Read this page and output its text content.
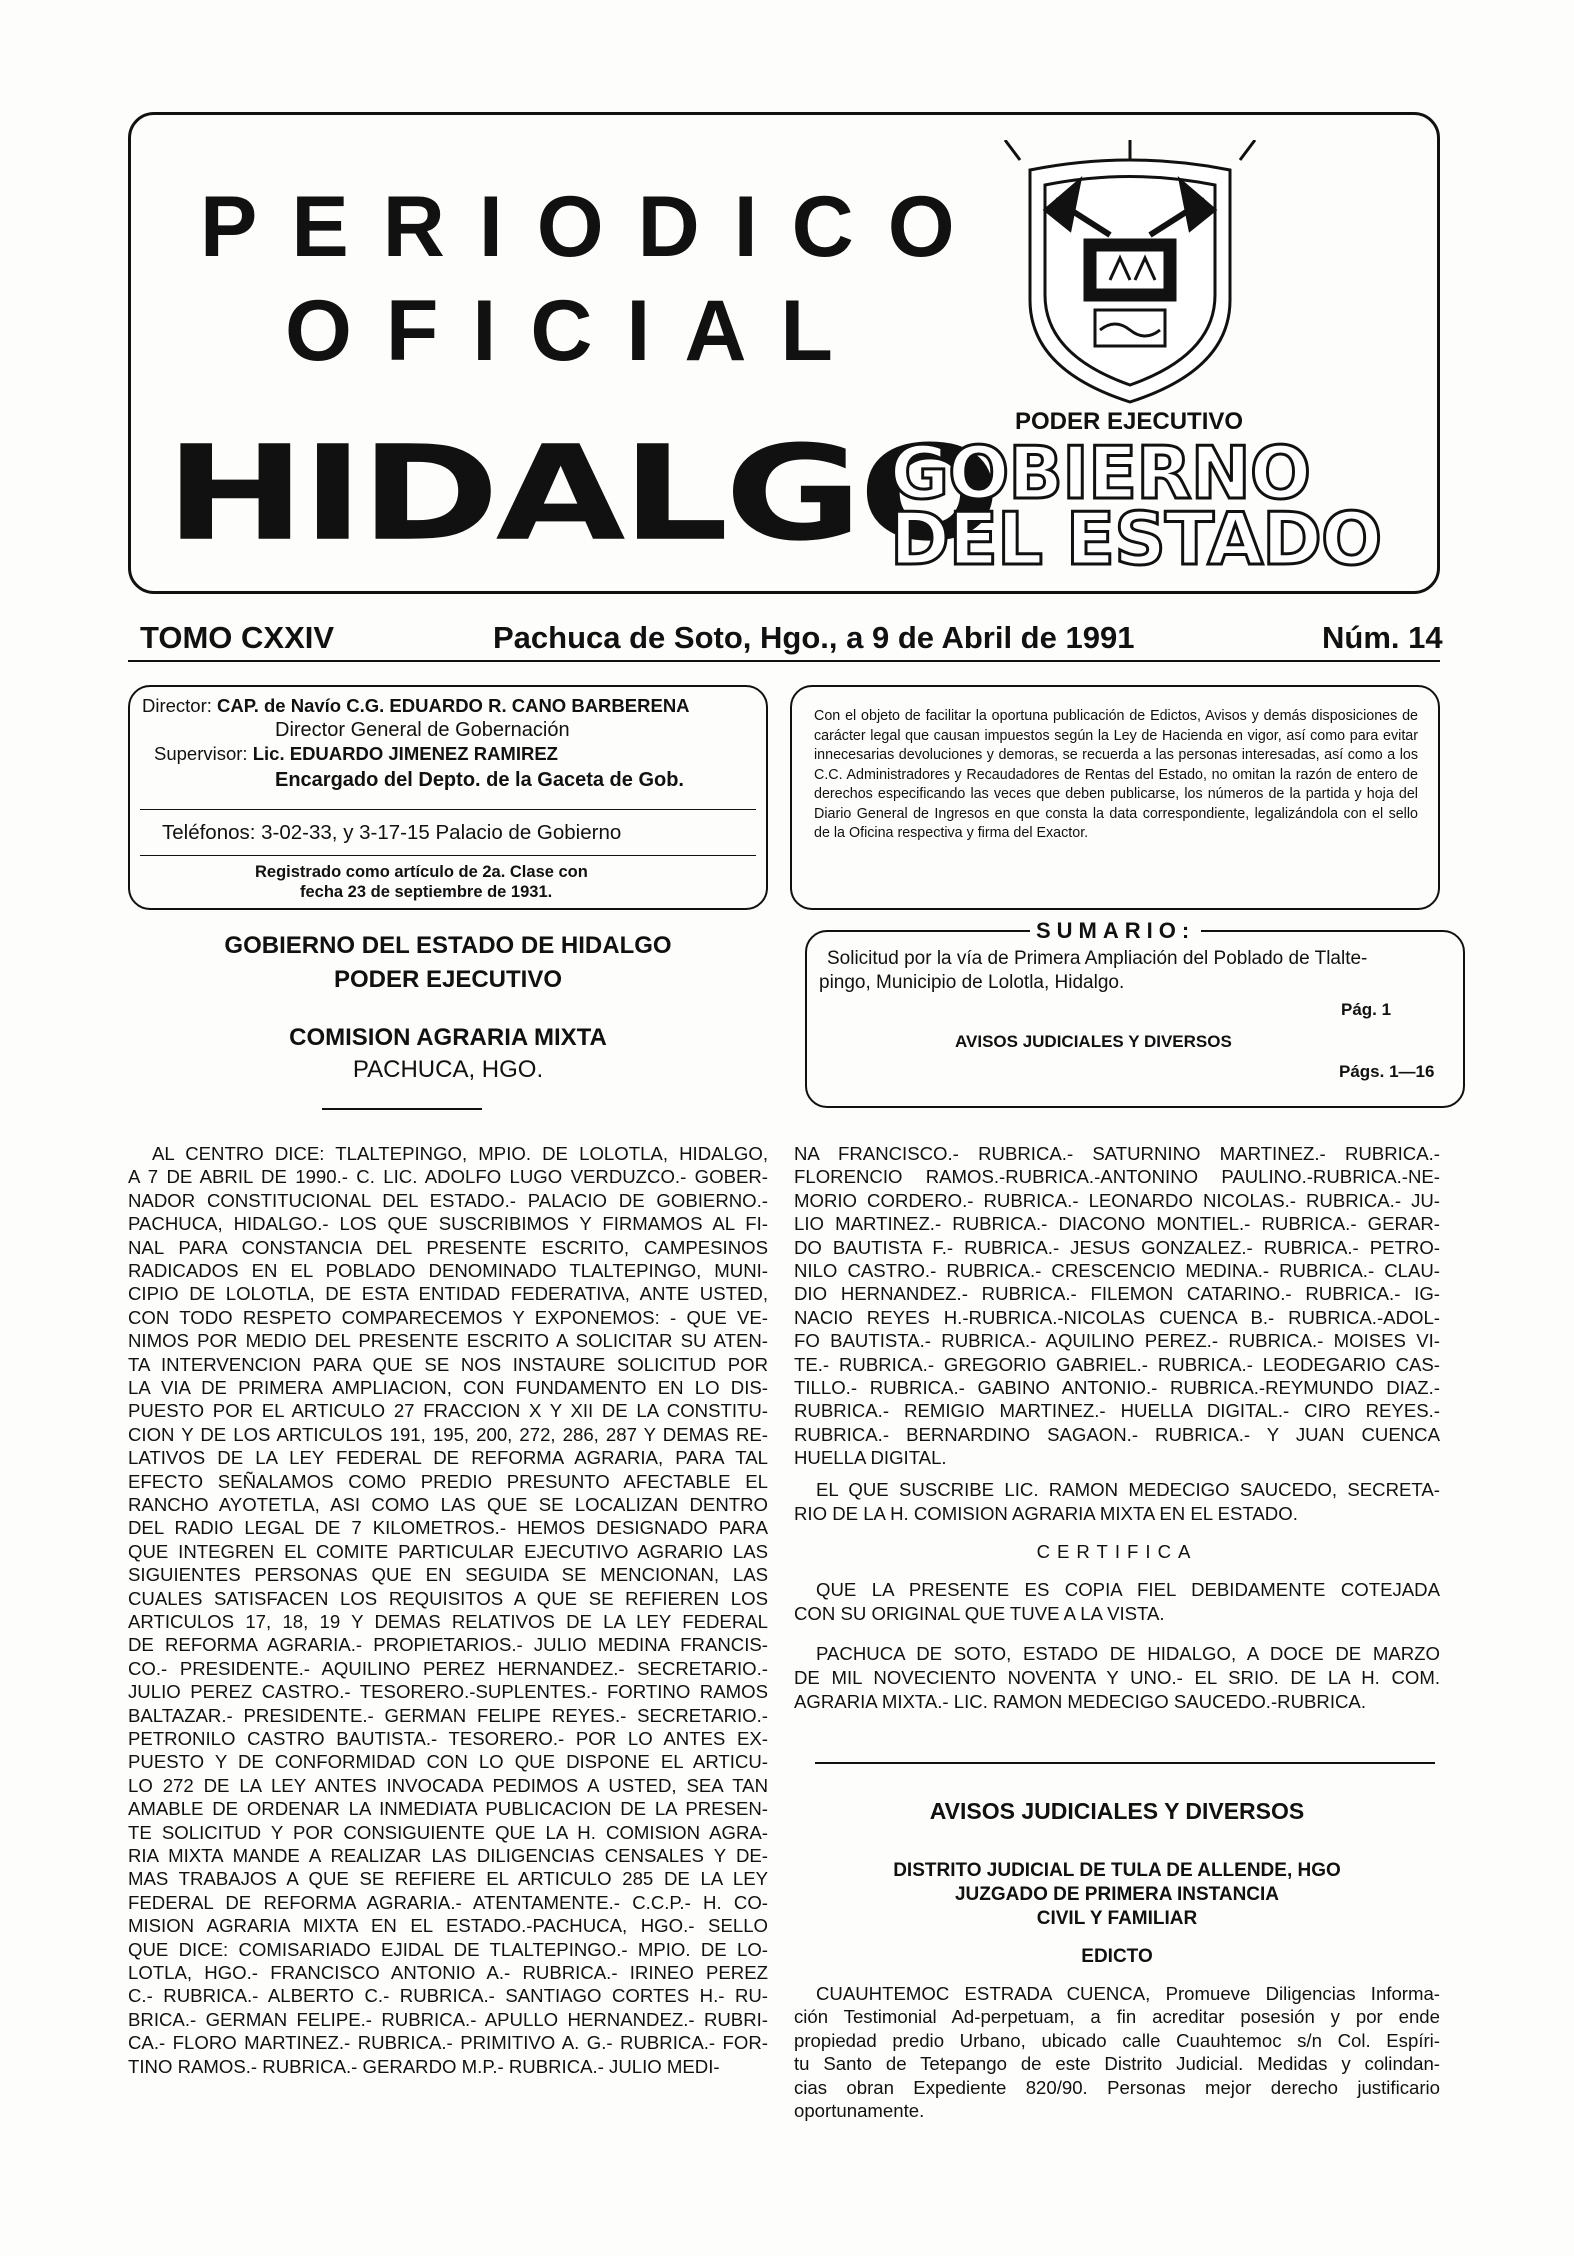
PERIODICO
OFICIAL
PODER EJECUTIVO
HIDALGO
GOBIERNO
DEL ESTADO
TOMO CXXIV	Pachuca de Soto, Hgo., a 9 de Abril de 1991	Núm. 14
Director: CAP. de Navío C.G. EDUARDO R. CANO BARBERENA
Director General de Gobernación
Supervisor: Lic. EDUARDO JIMENEZ RAMIREZ
Encargado del Depto. de la Gaceta de Gob.
Teléfonos: 3-02-33, y 3-17-15 Palacio de Gobierno
Registrado como artículo de 2a. Clase con
fecha 23 de septiembre de 1931.
Con el objeto de facilitar la oportuna publicación de Edictos, Avisos y demás disposiciones de carácter legal que causan impuestos según la Ley de Hacienda en vigor, así como para evitar innecesarias devoluciones y demoras, se recuerda a las personas interesadas, así como a los C.C. Administradores y Recaudadores de Rentas del Estado, no omitan la razón de entero de derechos especificando las veces que deben publicarse, los números de la partida y hoja del Diario General de Ingresos en que consta la data correspondiente, legalizándola con el sello de la Oficina respectiva y firma del Exactor.
Solicitud por la vía de Primera Ampliación del Poblado de Tlalte-
pingo, Municipio de Lolotla, Hidalgo.
Pág. 1
AVISOS JUDICIALES Y DIVERSOS
Págs. 1—16
SUMARIO:
GOBIERNO DEL ESTADO DE HIDALGO
PODER EJECUTIVO
COMISION AGRARIA MIXTA
PACHUCA, HGO.
AL CENTRO DICE: TLALTEPINGO, MPIO. DE LOLOTLA, HIDALGO,
A 7 DE ABRIL DE 1990.- C. LIC. ADOLFO LUGO VERDUZCO.- GOBER-
NADOR CONSTITUCIONAL DEL ESTADO.- PALACIO DE GOBIERNO.-
PACHUCA, HIDALGO.- LOS QUE SUSCRIBIMOS Y FIRMAMOS AL FI-
NAL PARA CONSTANCIA DEL PRESENTE ESCRITO, CAMPESINOS
RADICADOS EN EL POBLADO DENOMINADO TLALTEPINGO, MUNI-
CIPIO DE LOLOTLA, DE ESTA ENTIDAD FEDERATIVA, ANTE USTED,
CON TODO RESPETO COMPARECEMOS Y EXPONEMOS: - QUE VE-
NIMOS POR MEDIO DEL PRESENTE ESCRITO A SOLICITAR SU ATEN-
TA INTERVENCION PARA QUE SE NOS INSTAURE SOLICITUD POR
LA VIA DE PRIMERA AMPLIACION, CON FUNDAMENTO EN LO DIS-
PUESTO POR EL ARTICULO 27 FRACCION X Y XII DE LA CONSTITU-
CION Y DE LOS ARTICULOS 191, 195, 200, 272, 286, 287 Y DEMAS RE-
LATIVOS DE LA LEY FEDERAL DE REFORMA AGRARIA, PARA TAL
EFECTO SEÑALAMOS COMO PREDIO PRESUNTO AFECTABLE EL
RANCHO AYOTETLA, ASI COMO LAS QUE SE LOCALIZAN DENTRO
DEL RADIO LEGAL DE 7 KILOMETROS.- HEMOS DESIGNADO PARA
QUE INTEGREN EL COMITE PARTICULAR EJECUTIVO AGRARIO LAS
SIGUIENTES PERSONAS QUE EN SEGUIDA SE MENCIONAN, LAS
CUALES SATISFACEN LOS REQUISITOS A QUE SE REFIEREN LOS
ARTICULOS 17, 18, 19 Y DEMAS RELATIVOS DE LA LEY FEDERAL
DE REFORMA AGRARIA.- PROPIETARIOS.- JULIO MEDINA FRANCIS-
CO.- PRESIDENTE.- AQUILINO PEREZ HERNANDEZ.- SECRETARIO.-
JULIO PEREZ CASTRO.- TESORERO.-SUPLENTES.- FORTINO RAMOS
BALTAZAR.- PRESIDENTE.- GERMAN FELIPE REYES.- SECRETARIO.-
PETRONILO CASTRO BAUTISTA.- TESORERO.- POR LO ANTES EX-
PUESTO Y DE CONFORMIDAD CON LO QUE DISPONE EL ARTICU-
LO 272 DE LA LEY ANTES INVOCADA PEDIMOS A USTED, SEA TAN
AMABLE DE ORDENAR LA INMEDIATA PUBLICACION DE LA PRESEN-
TE SOLICITUD Y POR CONSIGUIENTE QUE LA H. COMISION AGRA-
RIA MIXTA MANDE A REALIZAR LAS DILIGENCIAS CENSALES Y DE-
MAS TRABAJOS A QUE SE REFIERE EL ARTICULO 285 DE LA LEY
FEDERAL DE REFORMA AGRARIA.- ATENTAMENTE.- C.C.P.- H. CO-
MISION AGRARIA MIXTA EN EL ESTADO.-PACHUCA, HGO.- SELLO
QUE DICE: COMISARIADO EJIDAL DE TLALTEPINGO.- MPIO. DE LO-
LOTLA, HGO.- FRANCISCO ANTONIO A.- RUBRICA.- IRINEO PEREZ
C.- RUBRICA.- ALBERTO C.- RUBRICA.- SANTIAGO CORTES H.- RU-
BRICA.- GERMAN FELIPE.- RUBRICA.- APULLO HERNANDEZ.- RUBRI-
CA.- FLORO MARTINEZ.- RUBRICA.- PRIMITIVO A. G.- RUBRICA.- FOR-
TINO RAMOS.- RUBRICA.- GERARDO M.P.- RUBRICA.- JULIO MEDI-
NA FRANCISCO.- RUBRICA.- SATURNINO MARTINEZ.- RUBRICA.-
FLORENCIO RAMOS.-RUBRICA.-ANTONINO PAULINO.-RUBRICA.-NE-
MORIO CORDERO.- RUBRICA.- LEONARDO NICOLAS.- RUBRICA.- JU-
LIO MARTINEZ.- RUBRICA.- DIACONO MONTIEL.- RUBRICA.- GERAR-
DO BAUTISTA F.- RUBRICA.- JESUS GONZALEZ.- RUBRICA.- PETRO-
NILO CASTRO.- RUBRICA.- CRESCENCIO MEDINA.- RUBRICA.- CLAU-
DIO HERNANDEZ.- RUBRICA.- FILEMON CATARINO.- RUBRICA.- IG-
NACIO REYES H.-RUBRICA.-NICOLAS CUENCA B.- RUBRICA.-ADOL-
FO BAUTISTA.- RUBRICA.- AQUILINO PEREZ.- RUBRICA.- MOISES VI-
TE.- RUBRICA.- GREGORIO GABRIEL.- RUBRICA.- LEODEGARIO CAS-
TILLO.- RUBRICA.- GABINO ANTONIO.- RUBRICA.-REYMUNDO DIAZ.-
RUBRICA.- REMIGIO MARTINEZ.- HUELLA DIGITAL.- CIRO REYES.-
RUBRICA.- BERNARDINO SAGAON.- RUBRICA.- Y JUAN CUENCA
HUELLA DIGITAL.
EL QUE SUSCRIBE LIC. RAMON MEDECIGO SAUCEDO, SECRETA-
RIO DE LA H. COMISION AGRARIA MIXTA EN EL ESTADO.
CERTIFICA
QUE LA PRESENTE ES COPIA FIEL DEBIDAMENTE COTEJADA
CON SU ORIGINAL QUE TUVE A LA VISTA.
PACHUCA DE SOTO, ESTADO DE HIDALGO, A DOCE DE MARZO
DE MIL NOVECIENTO NOVENTA Y UNO.- EL SRIO. DE LA H. COM.
AGRARIA MIXTA.- LIC. RAMON MEDECIGO SAUCEDO.-RUBRICA.
AVISOS JUDICIALES Y DIVERSOS
DISTRITO JUDICIAL DE TULA DE ALLENDE, HGO
JUZGADO DE PRIMERA INSTANCIA
CIVIL Y FAMILIAR
EDICTO
CUAUHTEMOC ESTRADA CUENCA, Promueve Diligencias Informa-
ción Testimonial Ad-perpetuam, a fin acreditar posesión y por ende
propiedad predio Urbano, ubicado calle Cuauhtemoc s/n Col. Espíri-
tu Santo de Tetepango de este Distrito Judicial. Medidas y colindan-
cias obran Expediente 820/90. Personas mejor derecho justificario
oportunamente.
